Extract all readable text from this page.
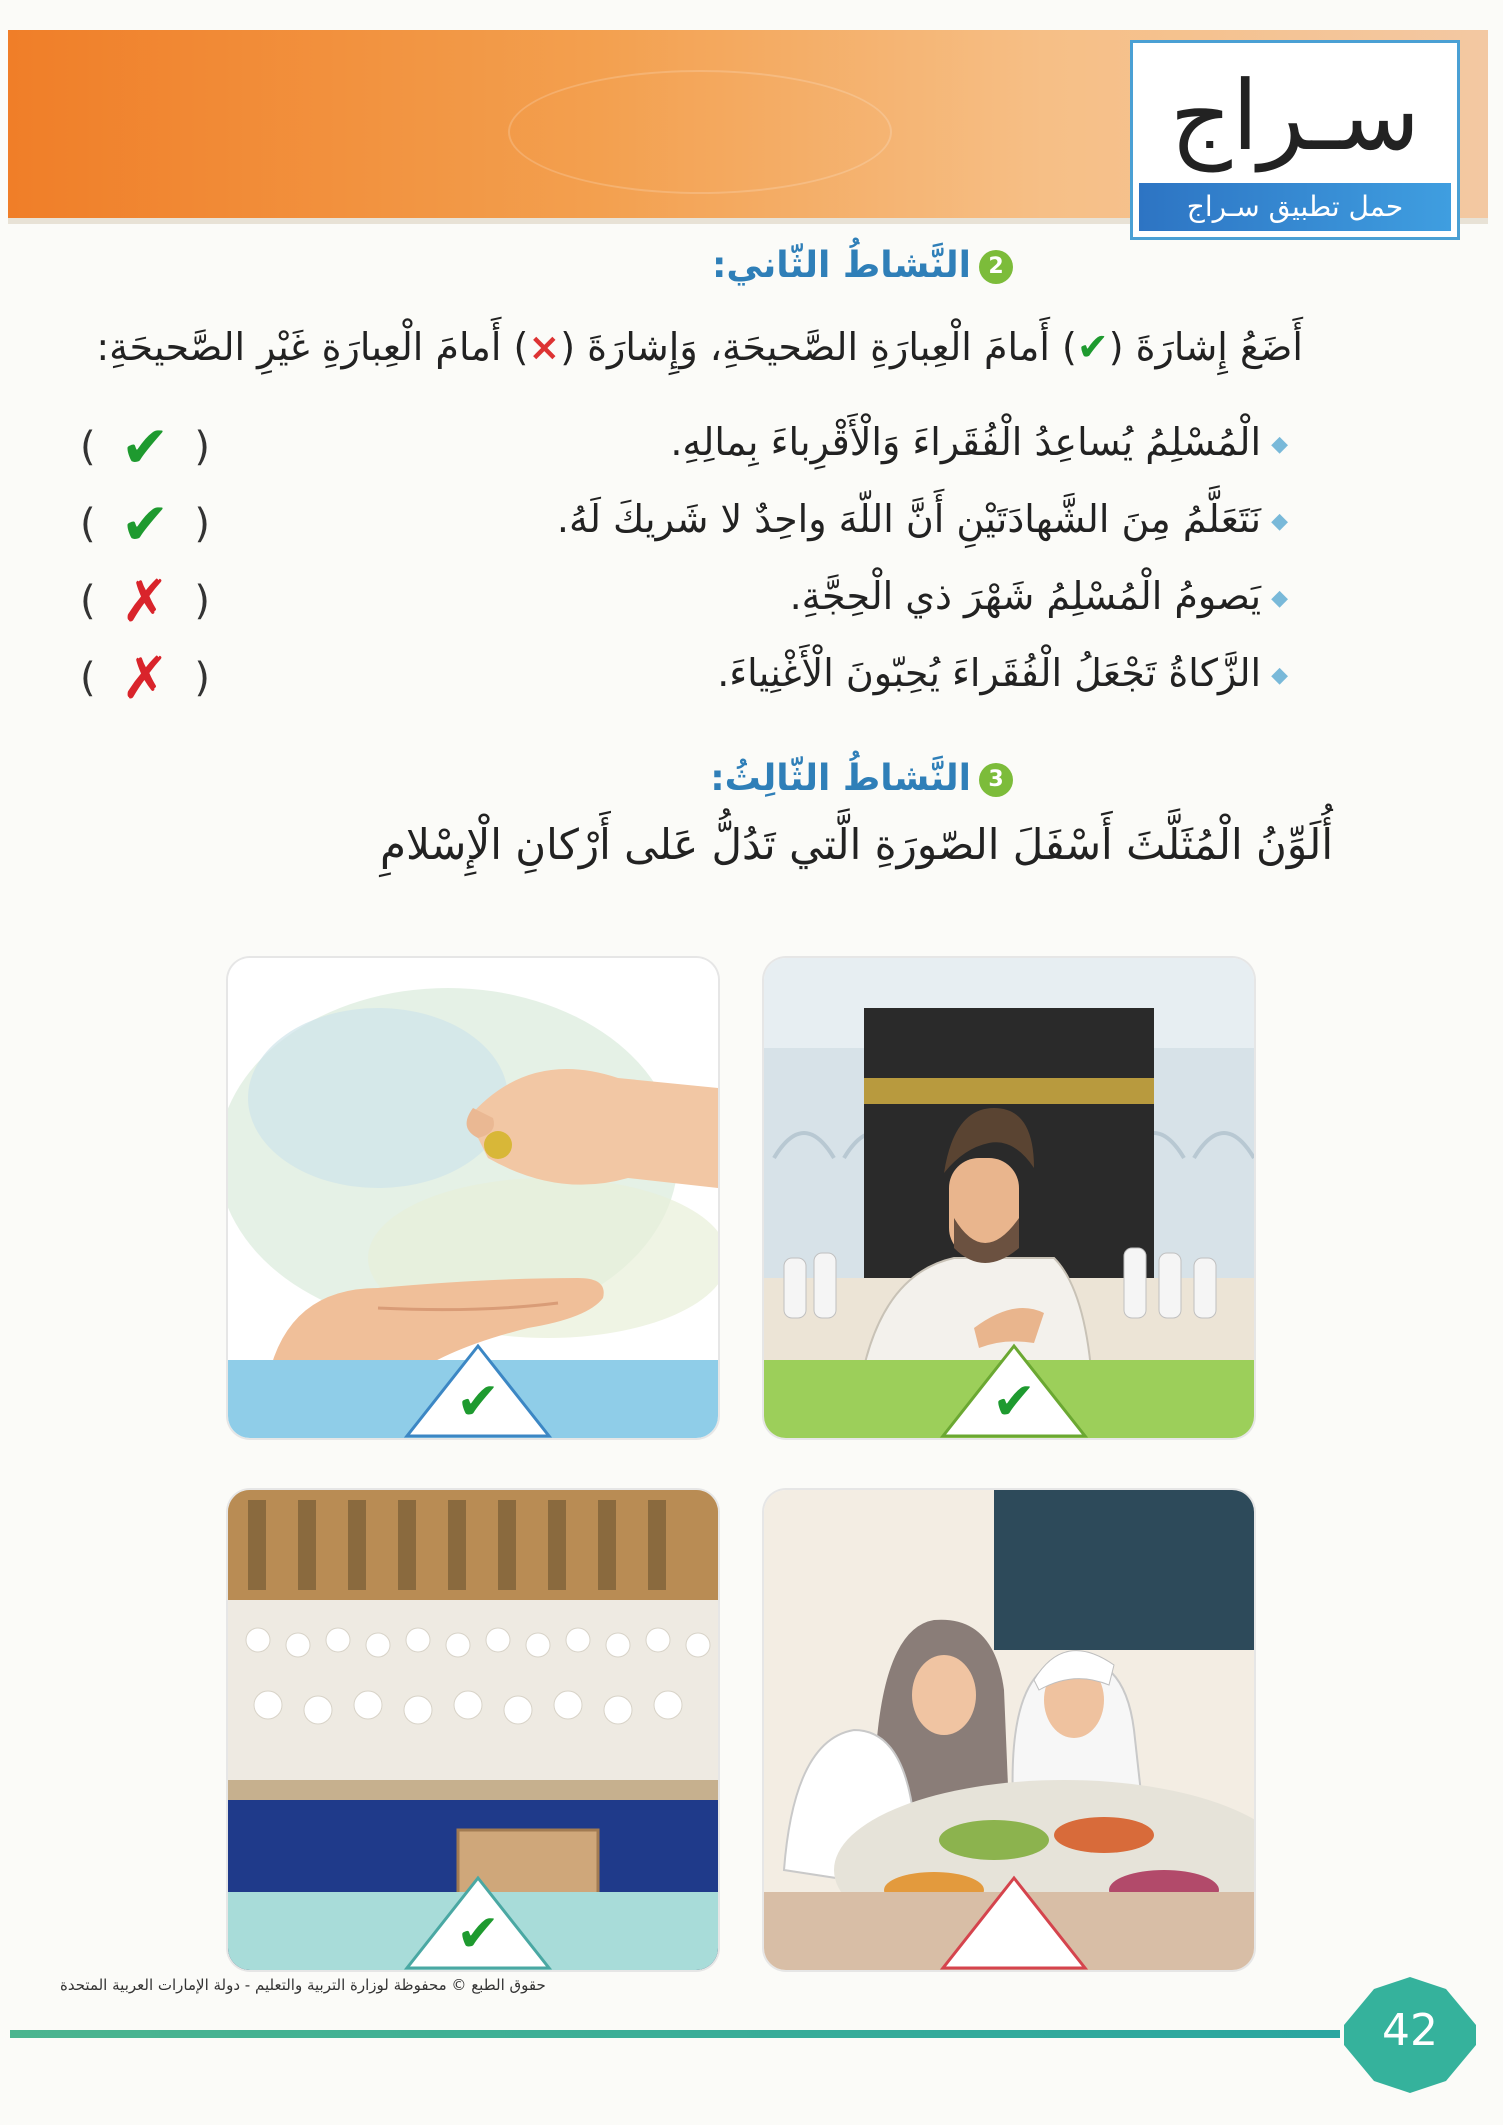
سـراج
حمل تطبيق سـراج
2النَّشاطُ الثّاني:
أَضَعُ إِشارَةَ (✔) أَمامَ الْعِبارَةِ الصَّحيحَةِ، وَإِشارَةَ (×) أَمامَ الْعِبارَةِ غَيْرِ الصَّحيحَةِ:
◆الْمُسْلِمُ يُساعِدُ الْفُقَراءَ وَالْأَقْرِباءَ بِمالِهِ.
◆نَتَعَلَّمُ مِنَ الشَّهادَتَيْنِ أَنَّ اللّهَ واحِدٌ لا شَريكَ لَهُ.
◆يَصومُ الْمُسْلِمُ شَهْرَ ذي الْحِجَّةِ.
◆الزَّكاةُ تَجْعَلُ الْفُقَراءَ يُحِبّونَ الْأَغْنِياءَ.
( ✔ )
( ✔ )
( ✗ )
( ✗ )
3النَّشاطُ الثّالِثُ:
أُلَوِّنُ الْمُثَلَّثَ أَسْفَلَ الصّورَةِ الَّتي تَدُلُّ عَلى أَرْكانِ الْإِسْلامِ
✔	✔
✔
حقوق الطبع © محفوظة لوزارة التربية والتعليم - دولة الإمارات العربية المتحدة
42
